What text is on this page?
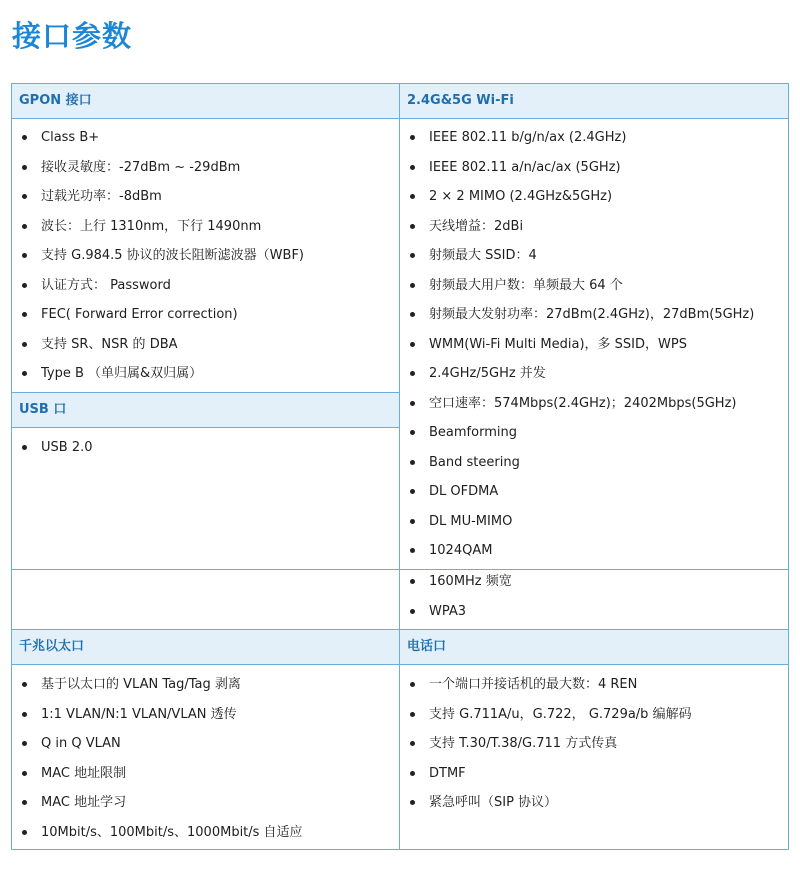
接口参数
GPON 接口
Class B+
接收灵敏度：-27dBm ~ -29dBm
过载光功率：-8dBm
波长：上行 1310nm，下行 1490nm
支持 G.984.5 协议的波长阻断滤波器（WBF)
认证方式： Password
FEC( Forward Error correction)
支持 SR、NSR 的 DBA
Type B （单归属&双归属）
USB 口
USB 2.0
2.4G&5G Wi-Fi
IEEE 802.11 b/g/n/ax (2.4GHz)
IEEE 802.11 a/n/ac/ax (5GHz)
2 × 2 MIMO (2.4GHz&5GHz)
天线增益：2dBi
射频最大 SSID：4
射频最大用户数：单频最大 64 个
射频最大发射功率：27dBm(2.4GHz)，27dBm(5GHz)
WMM(Wi-Fi Multi Media)，多 SSID，WPS
2.4GHz/5GHz 并发
空口速率：574Mbps(2.4GHz)；2402Mbps(5GHz)
Beamforming
Band steering
DL OFDMA
DL MU-MIMO
1024QAM
160MHz 频宽
WPA3
千兆以太口	电话口
基于以太口的 VLAN Tag/Tag 剥离
1:1 VLAN/N:1 VLAN/VLAN 透传
Q in Q VLAN
MAC 地址限制
MAC 地址学习
10Mbit/s、100Mbit/s、1000Mbit/s 自适应
一个端口并接话机的最大数：4 REN
支持 G.711A/u，G.722， G.729a/b 编解码
支持 T.30/T.38/G.711 方式传真
DTMF
紧急呼叫（SIP 协议）
